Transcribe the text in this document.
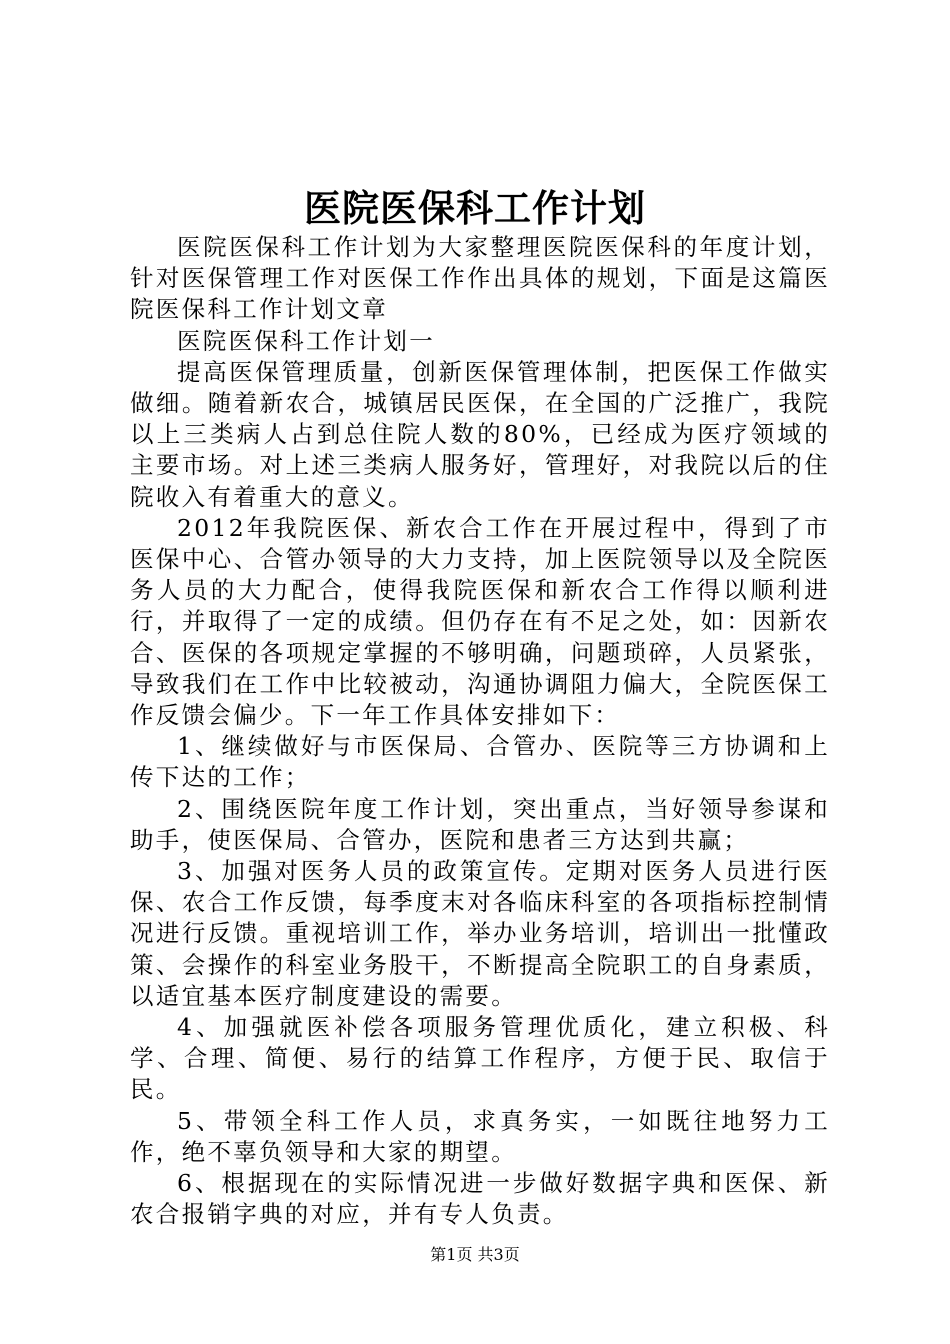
医院医保科工作计划

医院医保科工作计划为大家整理医院医保科的年度计划，针对医保管理工作对医保工作作出具体的规划，下面是这篇医院医保科工作计划文章

医院医保科工作计划一

提高医保管理质量，创新医保管理体制，把医保工作做实做细。随着新农合，城镇居民医保，在全国的广泛推广，我院以上三类病人占到总住院人数的80%，已经成为医疗领域的主要市场。对上述三类病人服务好，管理好，对我院以后的住院收入有着重大的意义。

2012年我院医保、新农合工作在开展过程中，得到了市医保中心、合管办领导的大力支持，加上医院领导以及全院医务人员的大力配合，使得我院医保和新农合工作得以顺利进行，并取得了一定的成绩。但仍存在有不足之处，如：因新农合、医保的各项规定掌握的不够明确，问题琐碎，人员紧张，导致我们在工作中比较被动，沟通协调阻力偏大，全院医保工作反馈会偏少。下一年工作具体安排如下：

1、继续做好与市医保局、合管办、医院等三方协调和上传下达的工作；

2、围绕医院年度工作计划，突出重点，当好领导参谋和助手，使医保局、合管办，医院和患者三方达到共赢；

3、加强对医务人员的政策宣传。定期对医务人员进行医保、农合工作反馈，每季度末对各临床科室的各项指标控制情况进行反馈。重视培训工作，举办业务培训，培训出一批懂政策、会操作的科室业务股干，不断提高全院职工的自身素质，以适宜基本医疗制度建设的需要。

4、加强就医补偿各项服务管理优质化，建立积极、科学、合理、简便、易行的结算工作程序，方便于民、取信于民。

5、带领全科工作人员，求真务实，一如既往地努力工作，绝不辜负领导和大家的期望。

6、根据现在的实际情况进一步做好数据字典和医保、新农合报销字典的对应，并有专人负责。

第1页 共3页
